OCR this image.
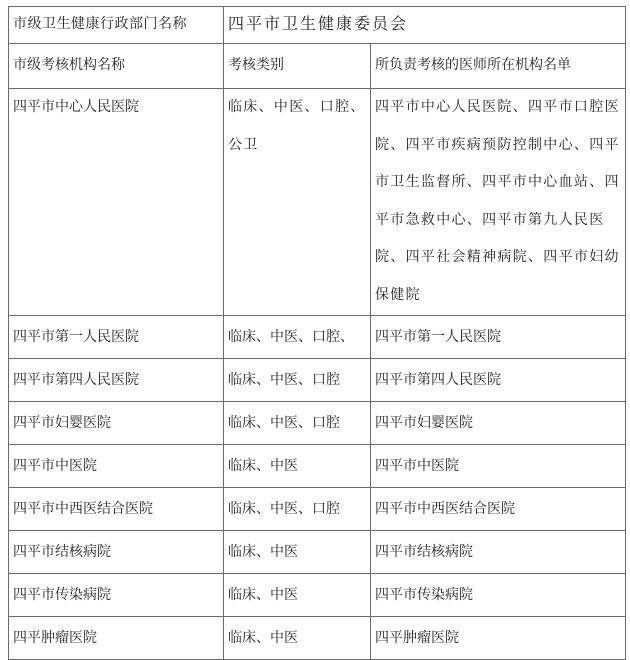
市级卫生健康行政部门名称	四平市卫生健康委员会	
市级考核机构名称	考核类别	所负责考核的医师所在机构名单
四平市中心人民医院	临床、中医、口腔、公卫	四平市中心人民医院、四平市口腔医院、四平市疾病预防控制中心、四平市卫生监督所、四平市中心血站、四平市急救中心、四平市第九人民医院、四平社会精神病院、四平市妇幼保健院
四平市第一人民医院	临床、中医、口腔、	四平市第一人民医院
四平市第四人民医院	临床、中医、口腔	四平市第四人民医院
四平市妇婴医院	临床、中医、口腔	四平市妇婴医院
四平市中医院	临床、中医	四平市中医院
四平市中西医结合医院	临床、中医、口腔	四平市中西医结合医院
四平市结核病院	临床、中医	四平市结核病院
四平市传染病院	临床、中医	四平市传染病院
四平肿瘤医院	临床、中医	四平肿瘤医院
